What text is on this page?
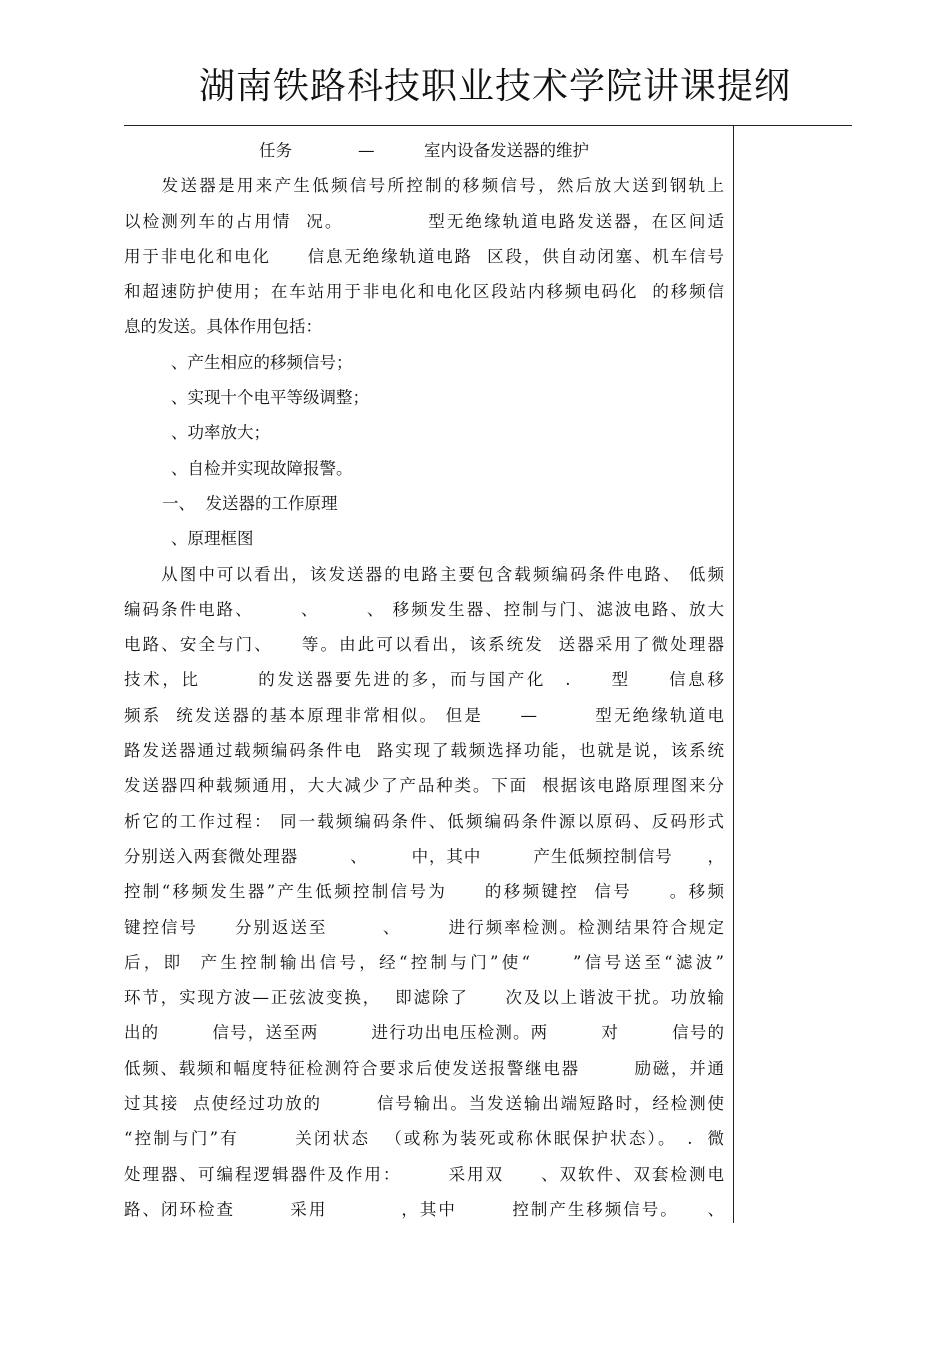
湖南铁路科技职业技术学院讲课提纲

任务　　　　—　　　室内设备发送器的维护

　　发送器是用来产生低频信号所控制的移频信号，然后放大送到钢轨上

以检测列车的占用情  况。　　　　　型无绝缘轨道电路发送器，在区间适

用于非电化和电化　　信息无绝缘轨道电路  区段，供自动闭塞、机车信号

和超速防护使用；在车站用于非电化和电化区段站内移频电码化  的移频信

息的发送。具体作用包括：

、产生相应的移频信号；

、实现十个电平等级调整；

、功率放大；

、自检并实现故障报警。

一、  发送器的工作原理

、原理框图

　　从图中可以看出，该发送器的电路主要包含载频编码条件电路、 低频

编码条件电路、　　　、　　　、 移频发生器、控制与门、滤波电路、放大

电路、安全与门、　　等。由此可以看出，该系统发  送器采用了微处理器

技术，比　　　的发送器要先进的多，而与国产化　.　　型　　信息移

频系  统发送器的基本原理非常相似。 但是　　—　　　型无绝缘轨道电

路发送器通过载频编码条件电  路实现了载频选择功能，也就是说，该系统

发送器四种载频通用，大大减少了产品种类。下面  根据该电路原理图来分

析它的工作过程： 同一载频编码条件、低频编码条件源以原码、反码形式

分别送入两套微处理器　　　、　　　中，其中　　　产生低频控制信号　　，

控制“移频发生器”产生低频控制信号为　　的移频键控  信号　　。移频

键控信号　　分别返送至　　　、　　　进行频率检测。检测结果符合规定

后，即  产生控制输出信号，经“控制与门”使“　　”信号送至“滤波”

环节，实现方波—正弦波变换，  即滤除了　　次及以上谐波干扰。功放输

出的　　　信号，送至两　　　进行功出电压检测。两　　　对　　　信号的

低频、载频和幅度特征检测符合要求后使发送报警继电器　　　励磁，并通

过其接  点使经过功放的　　　信号输出。当发送输出端短路时，经检测使

“控制与门”有　　　关闭状态  （或称为装死或称休眠保护状态）。　.  微

处理器、可编程逻辑器件及作用：　　　采用双　　、双软件、双套检测电

路、闭环检查　　　采用　　　　，其中　　　控制产生移频信号。　　、
